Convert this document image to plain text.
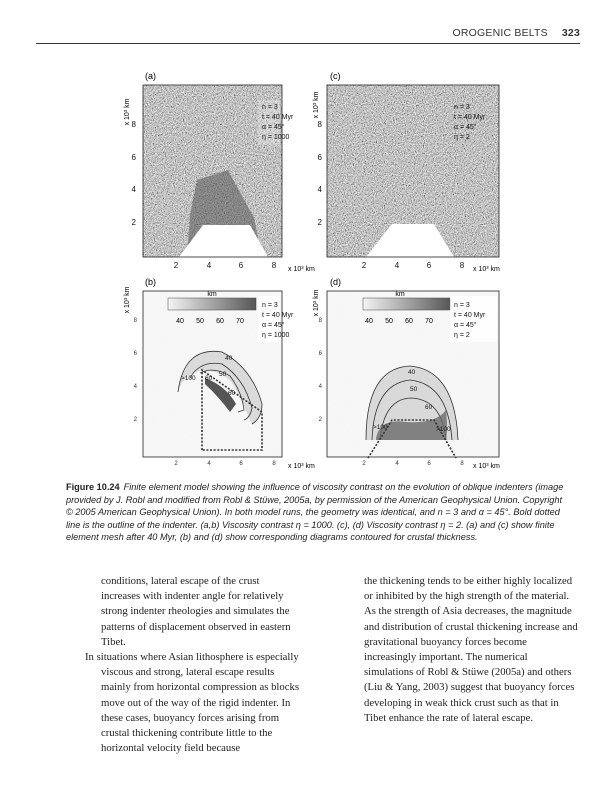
OROGENIC BELTS 323
(a)
n = 3
t = 40 Myr
α = 45°
η = 1000
8
6
4
2
x 10³ km
2	4	6	8 x 10³ km
(c)
n = 3
t = 40 Myr
α = 45°
η = 2
8
6
4
2
x 10³ km
2	4	6	8 x 10³ km
km
40 50 60 70
40
50
60
>100
60
(b)
n = 3
t = 40 Myr
α = 45°
η = 1000
8
6
4
2
x 10³ km
2	4	6	8 x 10³ km
km
40 50 60 70
40
50
60
>100	>100
(d)
n = 3
t = 40 Myr
α = 45°
η = 2
8
6
4
2
x 10³ km
2	4	6	8 x 10³ km
Figure 10.24 Finite element model showing the influence of viscosity contrast on the evolution of oblique indenters (image provided by J. Robl and modified from Robl & Stüwe, 2005a, by permission of the American Geophysical Union. Copyright © 2005 American Geophysical Union). In both model runs, the geometry was identical, and n = 3 and α = 45°. Bold dotted line is the outline of the indenter. (a,b) Viscosity contrast η = 1000. (c), (d) Viscosity contrast η = 2. (a) and (c) show finite element mesh after 40 Myr, (b) and (d) show corresponding diagrams contoured for crustal thickness.

conditions, lateral escape of the crust increases with indenter angle for relatively strong indenter rheologies and simulates the patterns of displacement observed in eastern Tibet.

In situations where Asian lithosphere is especially viscous and strong, lateral escape results mainly from horizontal compression as blocks move out of the way of the rigid indenter. In these cases, buoyancy forces arising from crustal thickening contribute little to the horizontal velocity field because

the thickening tends to be either highly localized or inhibited by the high strength of the material. As the strength of Asia decreases, the magnitude and distribution of crustal thickening increase and gravitational buoyancy forces become increasingly important. The numerical simulations of Robl & Stüwe (2005a) and others (Liu & Yang, 2003) suggest that buoyancy forces developing in weak thick crust such as that in Tibet enhance the rate of lateral escape.
